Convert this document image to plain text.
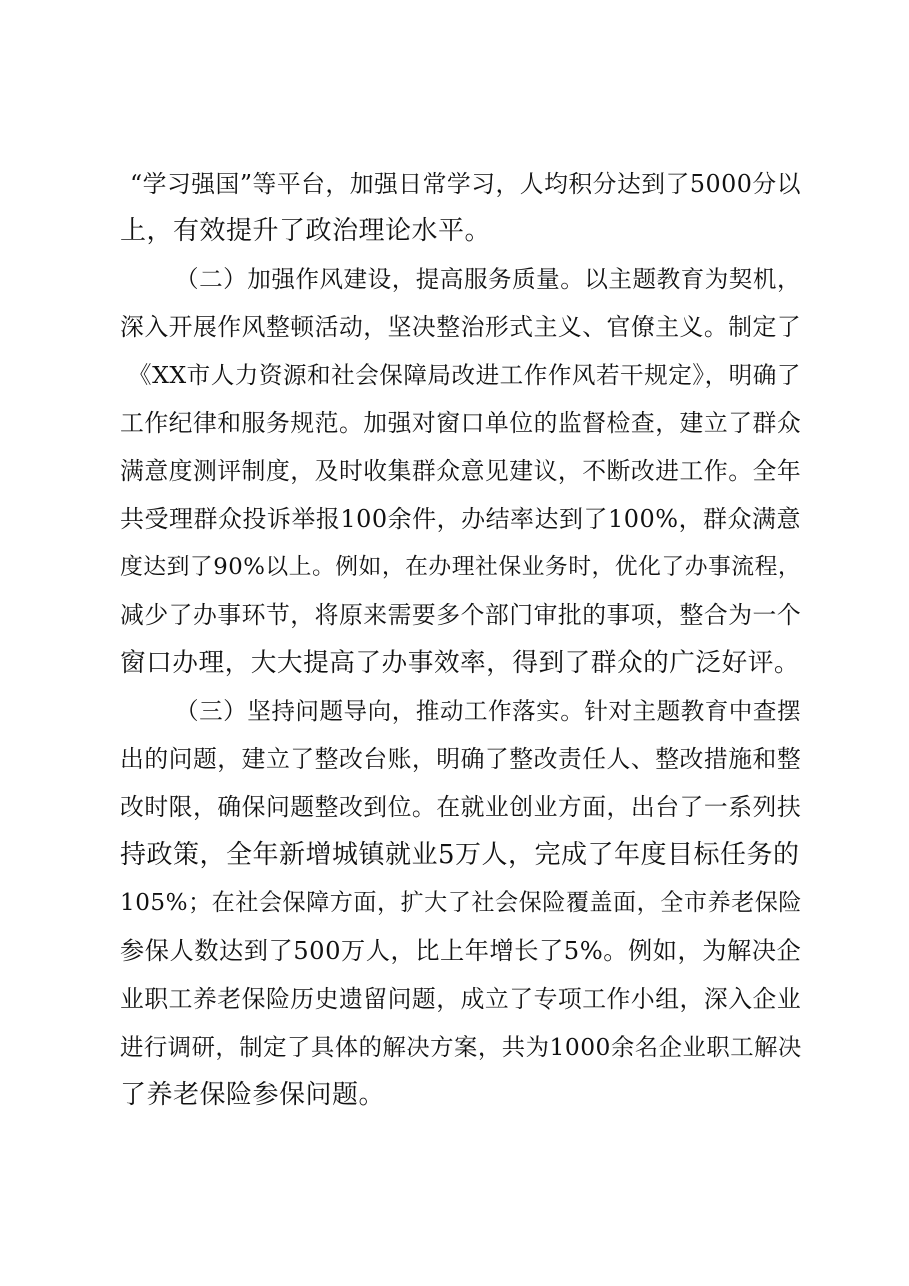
“学习强国”等平台，加强日常学习，人均积分达到了5000分以
上，有效提升了政治理论水平。
（二）加强作风建设，提高服务质量。以主题教育为契机，
深入开展作风整顿活动，坚决整治形式主义、官僚主义。制定了
《XX市人力资源和社会保障局改进工作作风若干规定》，明确了
工作纪律和服务规范。加强对窗口单位的监督检查，建立了群众
满意度测评制度，及时收集群众意见建议，不断改进工作。全年
共受理群众投诉举报100余件，办结率达到了100%，群众满意
度达到了90%以上。例如，在办理社保业务时，优化了办事流程，
减少了办事环节，将原来需要多个部门审批的事项，整合为一个
窗口办理，大大提高了办事效率，得到了群众的广泛好评。
（三）坚持问题导向，推动工作落实。针对主题教育中查摆
出的问题，建立了整改台账，明确了整改责任人、整改措施和整
改时限，确保问题整改到位。在就业创业方面，出台了一系列扶
持政策，全年新增城镇就业5万人，完成了年度目标任务的
105%；在社会保障方面，扩大了社会保险覆盖面，全市养老保险
参保人数达到了500万人，比上年增长了5%。例如，为解决企
业职工养老保险历史遗留问题，成立了专项工作小组，深入企业
进行调研，制定了具体的解决方案，共为1000余名企业职工解决
了养老保险参保问题。
